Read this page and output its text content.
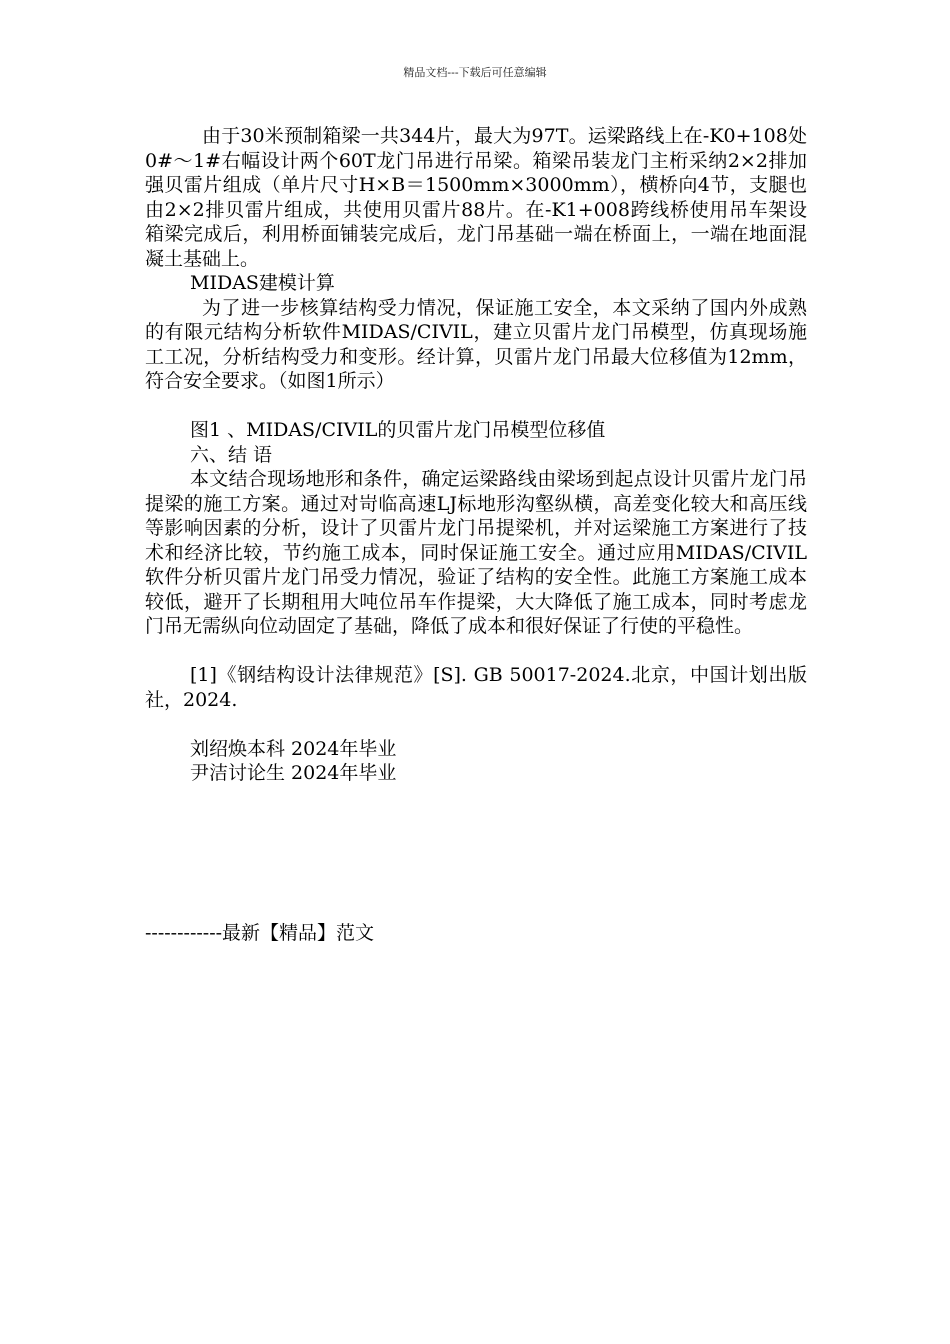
精品文档---下载后可任意编辑

由于30米预制箱梁一共344片，最大为97T。运梁路线上在-K0+108处0#～1#右幅设计两个60T龙门吊进行吊梁。箱梁吊装龙门主桁采纳2×2排加强贝雷片组成（单片尺寸H×B＝1500mm×3000mm），横桥向4节，支腿也由2×2排贝雷片组成，共使用贝雷片88片。在-K1+008跨线桥使用吊车架设箱梁完成后，利用桥面铺装完成后，龙门吊基础一端在桥面上，一端在地面混凝土基础上。

MIDAS建模计算

为了进一步核算结构受力情况，保证施工安全，本文采纳了国内外成熟的有限元结构分析软件MIDAS/CIVIL，建立贝雷片龙门吊模型，仿真现场施工工况，分析结构受力和变形。经计算，贝雷片龙门吊最大位移值为12mm，符合安全要求。（如图1所示）

图1 、MIDAS/CIVIL的贝雷片龙门吊模型位移值

六、结 语

本文结合现场地形和条件，确定运梁路线由梁场到起点设计贝雷片龙门吊提梁的施工方案。通过对岢临高速LJ标地形沟壑纵横，高差变化较大和高压线等影响因素的分析，设计了贝雷片龙门吊提梁机，并对运梁施工方案进行了技术和经济比较，节约施工成本，同时保证施工安全。通过应用MIDAS/CIVIL软件分析贝雷片龙门吊受力情况，验证了结构的安全性。此施工方案施工成本较低，避开了长期租用大吨位吊车作提梁，大大降低了施工成本，同时考虑龙门吊无需纵向位动固定了基础，降低了成本和很好保证了行使的平稳性。

[1]《钢结构设计法律规范》[S]. GB 50017-2024.北京，中国计划出版社，2024.

刘绍焕本科 2024年毕业

尹洁讨论生 2024年毕业

------------最新【精品】范文
